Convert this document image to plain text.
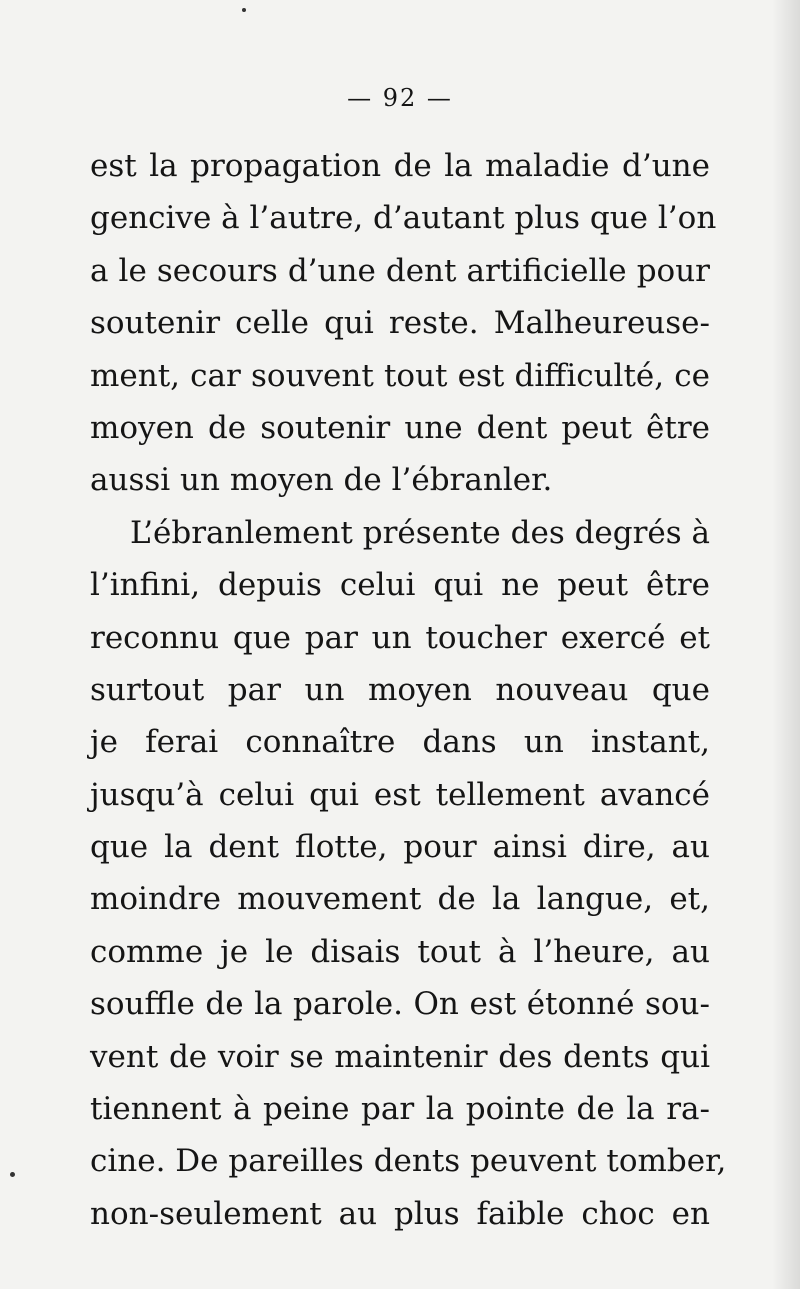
— 92 —
est la propagation de la maladie d’une
gencive à l’autre, d’autant plus que l’on
a le secours d’une dent artificielle pour
soutenir celle qui reste. Malheureuse-
ment, car souvent tout est difficulté, ce
moyen de soutenir une dent peut être
aussi un moyen de l’ébranler.
L’ébranlement présente des degrés à
l’infini, depuis celui qui ne peut être
reconnu que par un toucher exercé et
surtout par un moyen nouveau que
je ferai connaître dans un instant,
jusqu’à celui qui est tellement avancé
que la dent flotte, pour ainsi dire, au
moindre mouvement de la langue, et,
comme je le disais tout à l’heure, au
souffle de la parole. On est étonné sou-
vent de voir se maintenir des dents qui
tiennent à peine par la pointe de la ra-
cine. De pareilles dents peuvent tomber,
non-seulement au plus faible choc en
